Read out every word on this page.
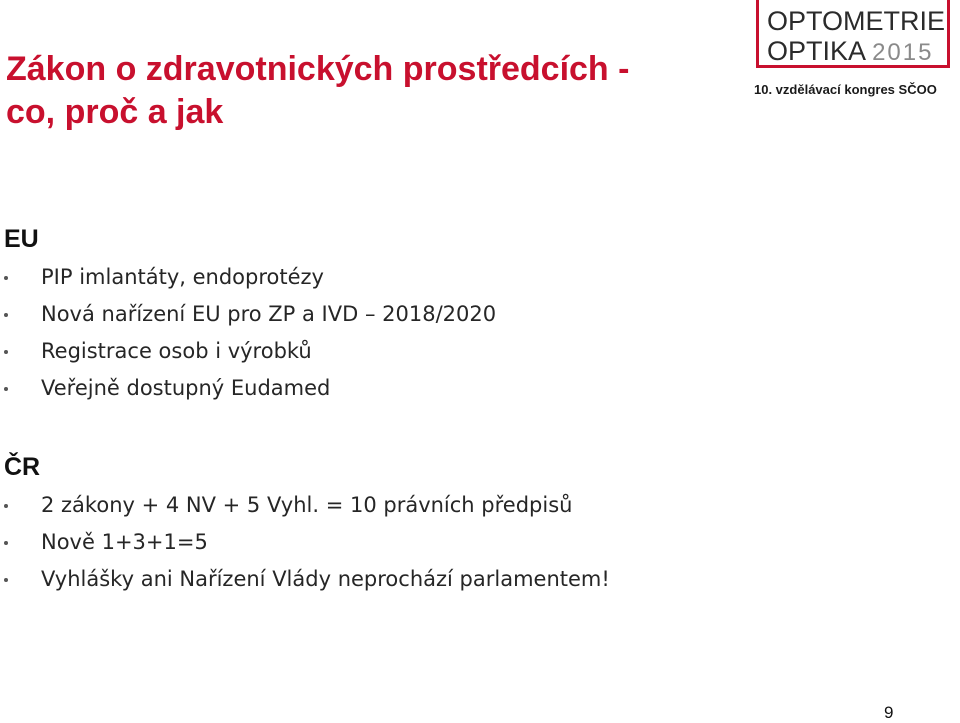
Zákon o zdravotnických prostředcích -
co, proč a jak
OPTOMETRIE
OPTIKA 2015
10. vzdělávací kongres SČOO
EU
PIP imlantáty, endoprotézy
Nová nařízení EU pro ZP a IVD – 2018/2020
Registrace osob i výrobků
Veřejně dostupný Eudamed
ČR
2 zákony + 4 NV + 5 Vyhl. = 10 právních předpisů
Nově 1+3+1=5
Vyhlášky ani Nařízení Vlády neprochází parlamentem!
9
